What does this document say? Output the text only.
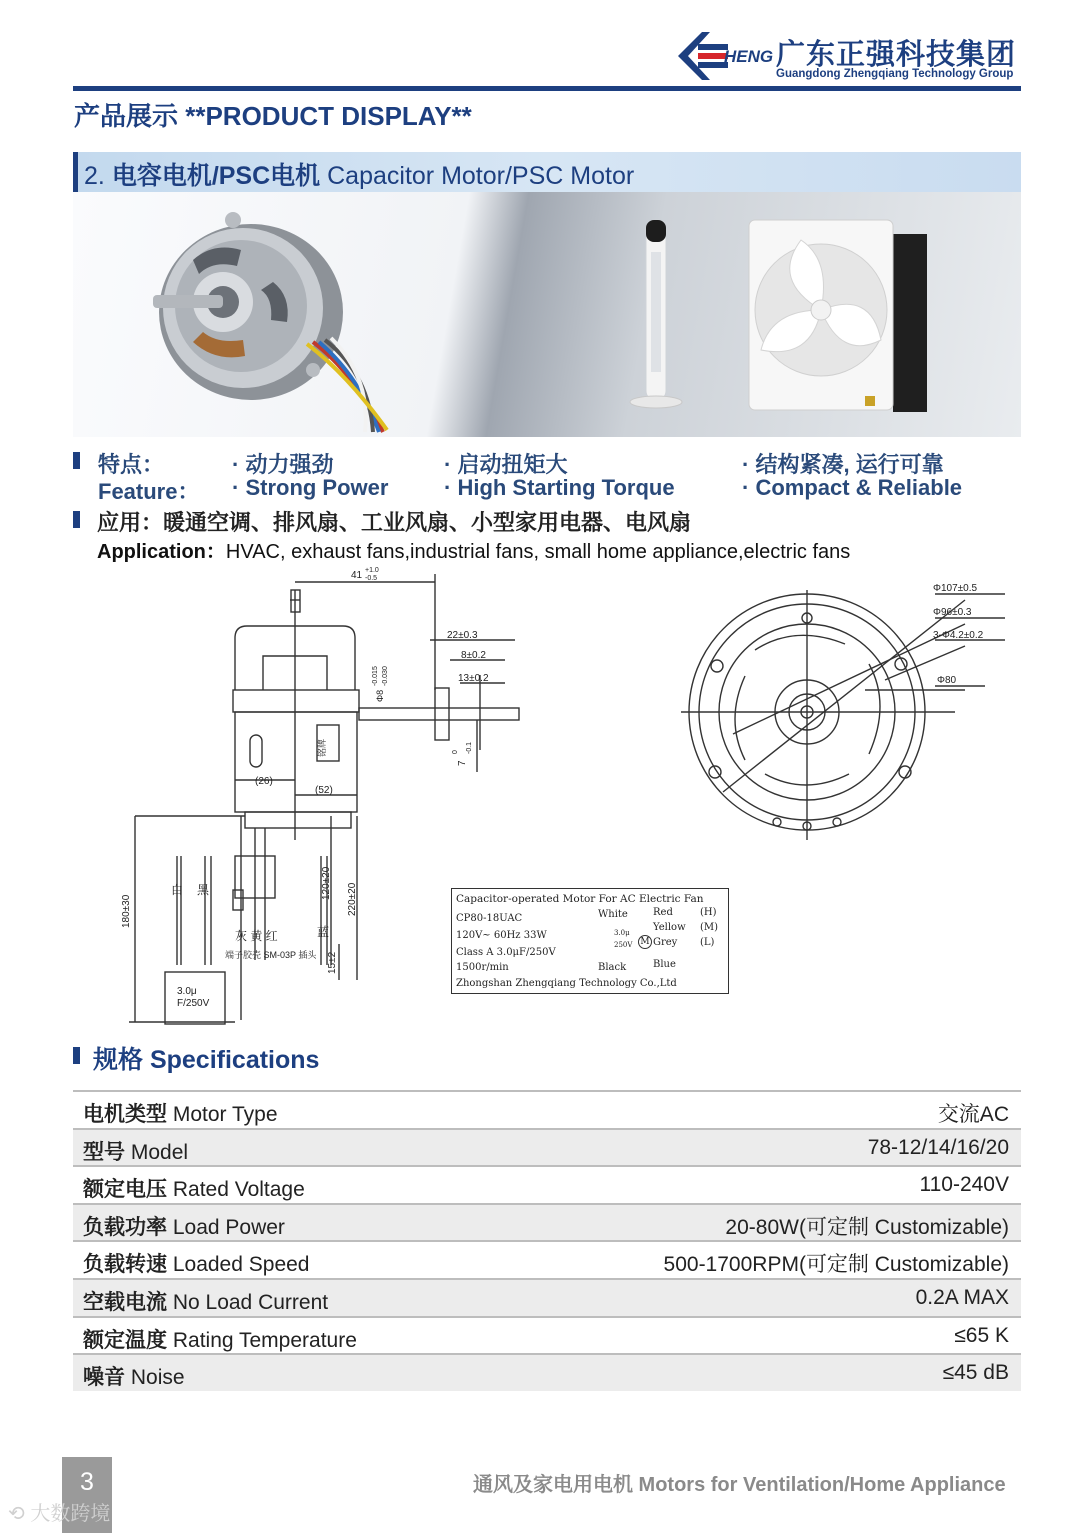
HENG 广东正强科技集团
Guangdong Zhengqiang Technology Group
产品展示 **PRODUCT DISPLAY**
2. 电容电机/PSC电机 Capacitor Motor/PSC Motor
特点：
Feature：
· 动力强劲
· Strong Power
· 启动扭矩大
· High Starting Torque
· 结构紧凑, 运行可靠
· Compact & Reliable
应用：暖通空调、排风扇、工业风扇、小型家用电器、电风扇
Application：HVAC, exhaust fans,industrial fans, small home appliance,electric fans
41 +1.0
-0.5
22±0.3
8±0.2
13±0.2
Φ8
-0.015 -0.030
7
0 -0.1
(26)
(52)
120±20 220±20
180±30
15±2
铭牌
白 黑
灰 黄 红	蓝
端子胶壳 SM-03P 插头
3.0μ
F/250V
Φ107±0.5
Φ96±0.3
3-Φ4.2±0.2
Φ80
Capacitor-operated Motor For AC Electric Fan
CP80-18UAC
120V~ 60Hz 33W
Class A 3.0μF/250V
1500r/min
Zhongshan Zhengqiang Technology Co.,Ltd
White
Black
Red
Yellow
Grey
Blue
(H)
(M)
(L)
3.0μ
250V M
规格 Specifications
电机类型 Motor Type	交流AC
型号 Model	78-12/14/16/20
额定电压 Rated Voltage	110-240V
负载功率 Load Power	20-80W(可定制 Customizable)
负载转速 Loaded Speed	500-1700RPM(可定制 Customizable)
空载电流 No Load Current	0.2A MAX
额定温度 Rating Temperature	≤65 K
噪音 Noise	≤45 dB
3	通风及家电用电机 Motors for Ventilation/Home Appliance
⟲ 大数跨境
